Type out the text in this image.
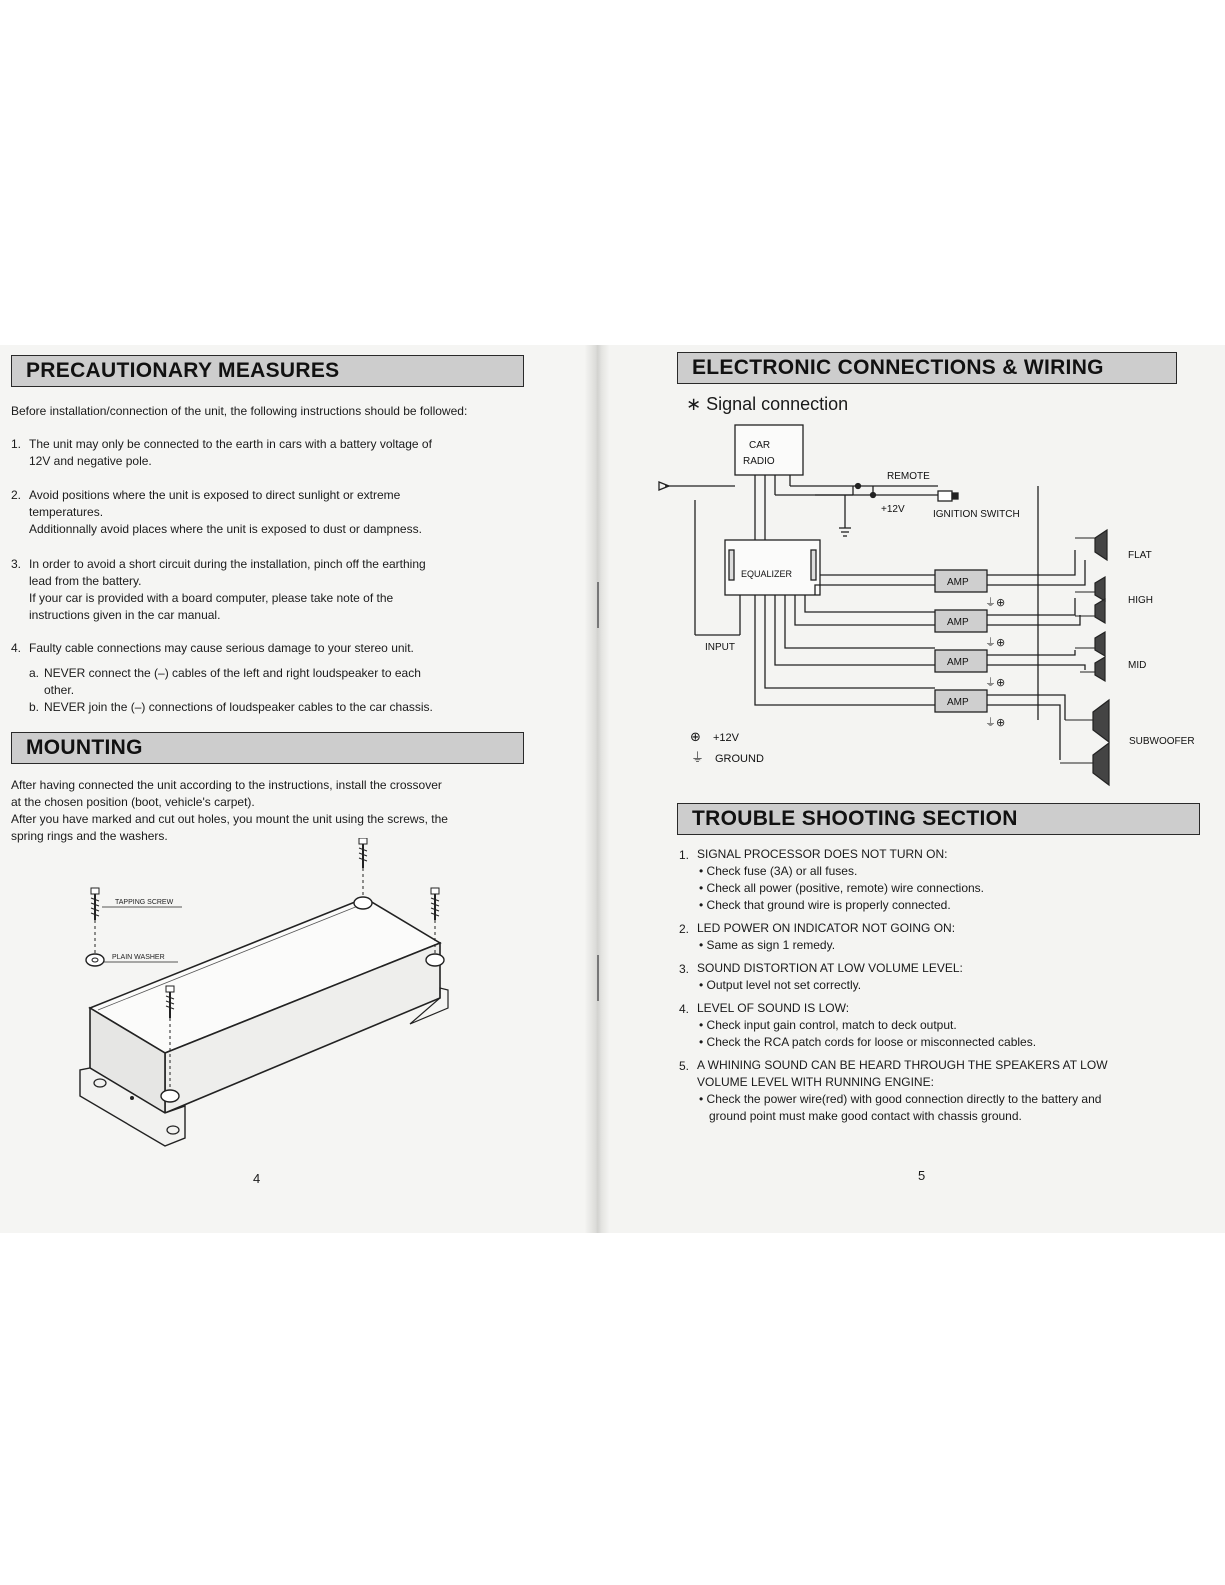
PRECAUTIONARY MEASURES
Before installation/connection of the unit, the following instructions should be followed:
1. The unit may only be connected to the earth in cars with a battery voltage of
12V and negative pole.
2. Avoid positions where the unit is exposed to direct sunlight or extreme
temperatures.
Additionnally avoid places where the unit is exposed to dust or dampness.
3. In order to avoid a short circuit during the installation, pinch off the earthing
lead from the battery.
If your car is provided with a board computer, please take note of the
instructions given in the car manual.
4. Faulty cable connections may cause serious damage to your stereo unit.
a. NEVER connect the (–) cables of the left and right loudspeaker to each
other.
b. NEVER join the (–) connections of loudspeaker cables to the car chassis.
MOUNTING
After having connected the unit according to the instructions, install the crossover
at the chosen position (boot, vehicle's carpet).
After you have marked and cut out holes, you mount the unit using the screws, the
spring rings and the washers.
TAPPING SCREW
PLAIN WASHER
4
ELECTRONIC CONNECTIONS & WIRING
∗ Signal connection
⏚⊕
⏚⊕
⏚⊕
⏚⊕
CAR
RADIO
REMOTE
+12V	IGNITION SWITCH
EQUALIZER
INPUT
AMP
AMP
AMP
AMP
FLAT
HIGH
MID
SUBWOOFER
⊕ +12V
⏚ GROUND
TROUBLE SHOOTING SECTION
1. SIGNAL PROCESSOR DOES NOT TURN ON:
• Check fuse (3A) or all fuses.
• Check all power (positive, remote) wire connections.
• Check that ground wire is properly connected.
2. LED POWER ON INDICATOR NOT GOING ON:
• Same as sign 1 remedy.
3. SOUND DISTORTION AT LOW VOLUME LEVEL:
• Output level not set correctly.
4. LEVEL OF SOUND IS LOW:
• Check input gain control, match to deck output.
• Check the RCA patch cords for loose or misconnected cables.
5. A WHINING SOUND CAN BE HEARD THROUGH THE SPEAKERS AT LOW
VOLUME LEVEL WITH RUNNING ENGINE:
• Check the power wire(red) with good connection directly to the battery and
ground point must make good contact with chassis ground.
5
